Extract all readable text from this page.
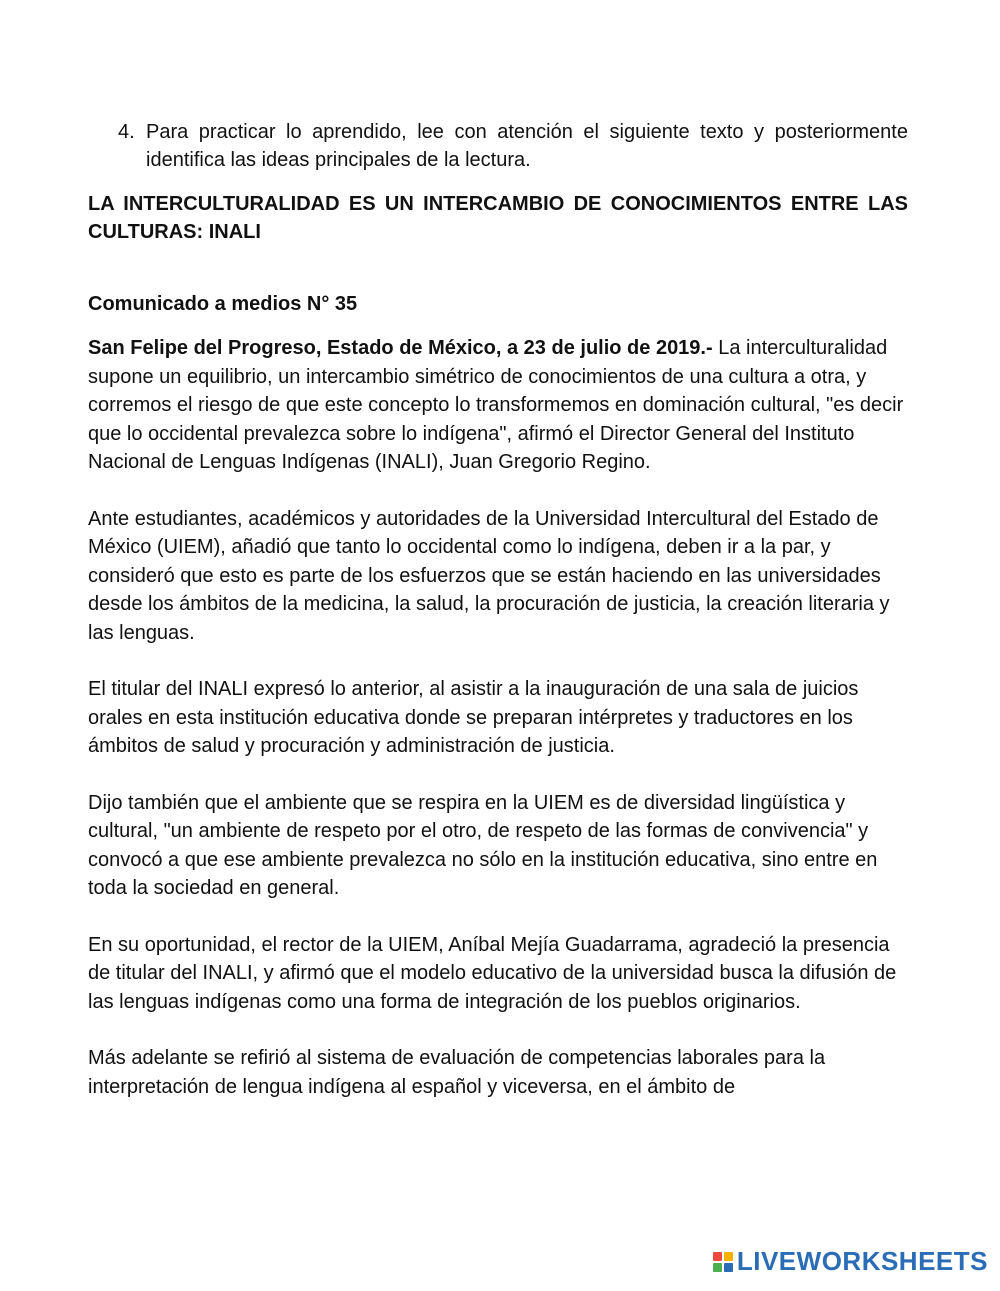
4. Para practicar lo aprendido, lee con atención el siguiente texto y posteriormente identifica las ideas principales de la lectura.
LA INTERCULTURALIDAD ES UN INTERCAMBIO DE CONOCIMIENTOS ENTRE LAS CULTURAS: INALI
Comunicado a medios N° 35

San Felipe del Progreso, Estado de México, a 23 de julio de 2019.- La interculturalidad supone un equilibrio, un intercambio simétrico de conocimientos de una cultura a otra, y corremos el riesgo de que este concepto lo transformemos en dominación cultural, "es decir que lo occidental prevalezca sobre lo indígena", afirmó el Director General del Instituto Nacional de Lenguas Indígenas (INALI), Juan Gregorio Regino.

Ante estudiantes, académicos y autoridades de la Universidad Intercultural del Estado de México (UIEM), añadió que tanto lo occidental como lo indígena, deben ir a la par, y consideró que esto es parte de los esfuerzos que se están haciendo en las universidades desde los ámbitos de la medicina, la salud, la procuración de justicia, la creación literaria y las lenguas.

El titular del INALI expresó lo anterior, al asistir a la inauguración de una sala de juicios orales en esta institución educativa donde se preparan intérpretes y traductores en los ámbitos de salud y procuración y administración de justicia.

Dijo también que el ambiente que se respira en la UIEM es de diversidad lingüística y cultural, "un ambiente de respeto por el otro, de respeto de las formas de convivencia" y convocó a que ese ambiente prevalezca no sólo en la institución educativa, sino entre en toda la sociedad en general.

En su oportunidad, el rector de la UIEM, Aníbal Mejía Guadarrama, agradeció la presencia de titular del INALI, y afirmó que el modelo educativo de la universidad busca la difusión de las lenguas indígenas como una forma de integración de los pueblos originarios.

Más adelante se refirió al sistema de evaluación de competencias laborales para la interpretación de lengua indígena al español y viceversa, en el ámbito de

LIVEWORKSHEETS
